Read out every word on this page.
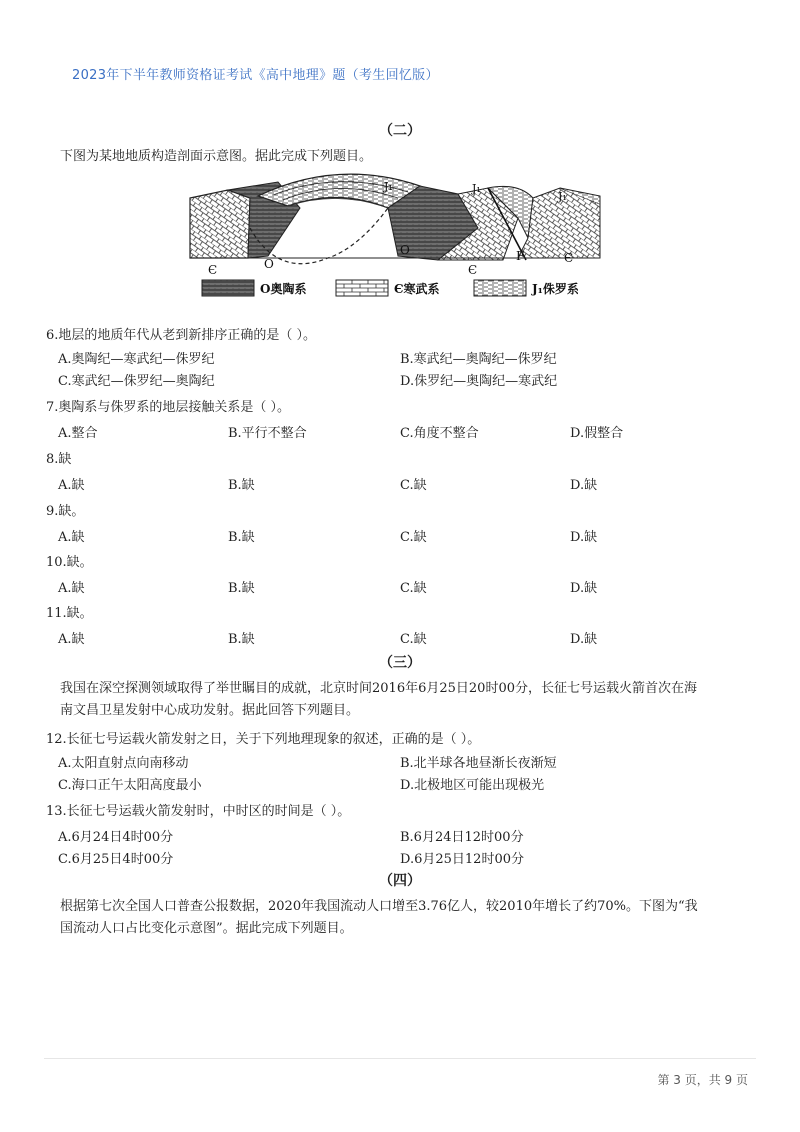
2023年下半年教师资格证考试《高中地理》题（考生回忆版）
（二）
下图为某地地质构造剖面示意图。据此完成下列题目。
J₁	J₁
J₁
Є	O
O
Є
F	Є
O奥陶系	Є寒武系	J₁侏罗系
6.地层的地质年代从老到新排序正确的是（ ）。
A.奥陶纪—寒武纪—侏罗纪	B.寒武纪—奥陶纪—侏罗纪
C.寒武纪—侏罗纪—奥陶纪	D.侏罗纪—奥陶纪—寒武纪
7.奥陶系与侏罗系的地层接触关系是（ ）。
A.整合	B.平行不整合	C.角度不整合	D.假整合
8.缺
A.缺	B.缺	C.缺	D.缺
9.缺。
A.缺	B.缺	C.缺	D.缺
10.缺。
A.缺	B.缺	C.缺	D.缺
11.缺。
A.缺	B.缺	C.缺	D.缺
（三）
我国在深空探测领域取得了举世瞩目的成就，北京时间2016年6月25日20时00分，长征七号运载火箭首次在海
南文昌卫星发射中心成功发射。据此回答下列题目。
12.长征七号运载火箭发射之日，关于下列地理现象的叙述，正确的是（ ）。
A.太阳直射点向南移动	B.北半球各地昼渐长夜渐短
C.海口正午太阳高度最小	D.北极地区可能出现极光
13.长征七号运载火箭发射时，中时区的时间是（ ）。
A.6月24日4时00分	B.6月24日12时00分
C.6月25日4时00分	D.6月25日12时00分
（四）
根据第七次全国人口普查公报数据，2020年我国流动人口增至3.76亿人，较2010年增长了约70%。下图为“我
国流动人口占比变化示意图”。据此完成下列题目。
第 3 页，共 9 页
